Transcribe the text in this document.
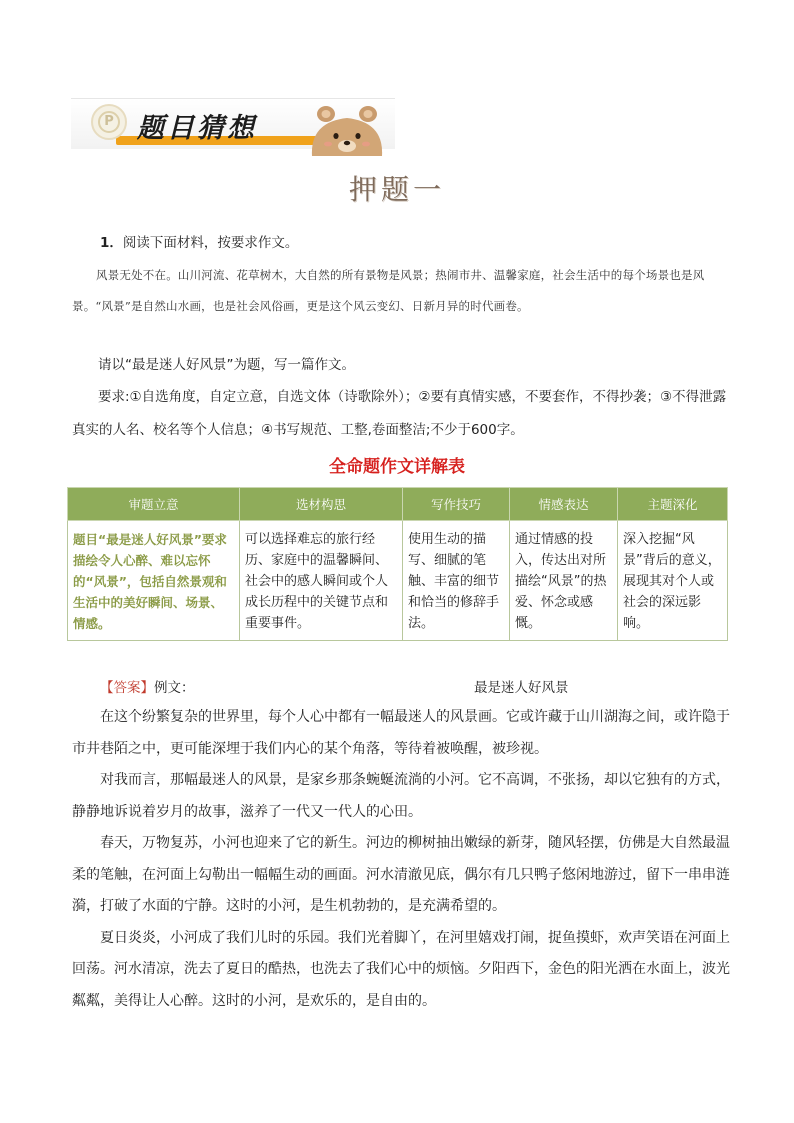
P 题目猜想
押题一
1．阅读下面材料，按要求作文。
风景无处不在。山川河流、花草树木，大自然的所有景物是风景；热闹市井、温馨家庭，社会生活中的每个场景也是风景。“风景”是自然山水画，也是社会风俗画，更是这个风云变幻、日新月异的时代画卷。
请以“最是迷人好风景”为题，写一篇作文。
要求:①自选角度，自定立意，自选文体（诗歌除外）；②要有真情实感，不要套作，不得抄袭；③不得泄露真实的人名、校名等个人信息；④书写规范、工整,卷面整洁;不少于600字。
全命题作文详解表
审题立意	选材构思	写作技巧	情感表达	主题深化
题目“最是迷人好风景”要求描绘令人心醉、难以忘怀的“风景”，包括自然景观和生活中的美好瞬间、场景、情感。	可以选择难忘的旅行经历、家庭中的温馨瞬间、社会中的感人瞬间或个人成长历程中的关键节点和重要事件。	使用生动的描写、细腻的笔触、丰富的细节和恰当的修辞手法。	通过情感的投入，传达出对所描绘“风景”的热爱、怀念或感慨。	深入挖掘“风景”背后的意义，展现其对个人或社会的深远影响。
【答案】例文：	最是迷人好风景

在这个纷繁复杂的世界里，每个人心中都有一幅最迷人的风景画。它或许藏于山川湖海之间，或许隐于市井巷陌之中，更可能深埋于我们内心的某个角落，等待着被唤醒，被珍视。

对我而言，那幅最迷人的风景，是家乡那条蜿蜒流淌的小河。它不高调，不张扬，却以它独有的方式，静静地诉说着岁月的故事，滋养了一代又一代人的心田。

春天，万物复苏，小河也迎来了它的新生。河边的柳树抽出嫩绿的新芽，随风轻摆，仿佛是大自然最温柔的笔触，在河面上勾勒出一幅幅生动的画面。河水清澈见底，偶尔有几只鸭子悠闲地游过，留下一串串涟漪，打破了水面的宁静。这时的小河，是生机勃勃的，是充满希望的。

夏日炎炎，小河成了我们儿时的乐园。我们光着脚丫，在河里嬉戏打闹，捉鱼摸虾，欢声笑语在河面上回荡。河水清凉，洗去了夏日的酷热，也洗去了我们心中的烦恼。夕阳西下，金色的阳光洒在水面上，波光粼粼，美得让人心醉。这时的小河，是欢乐的，是自由的。
